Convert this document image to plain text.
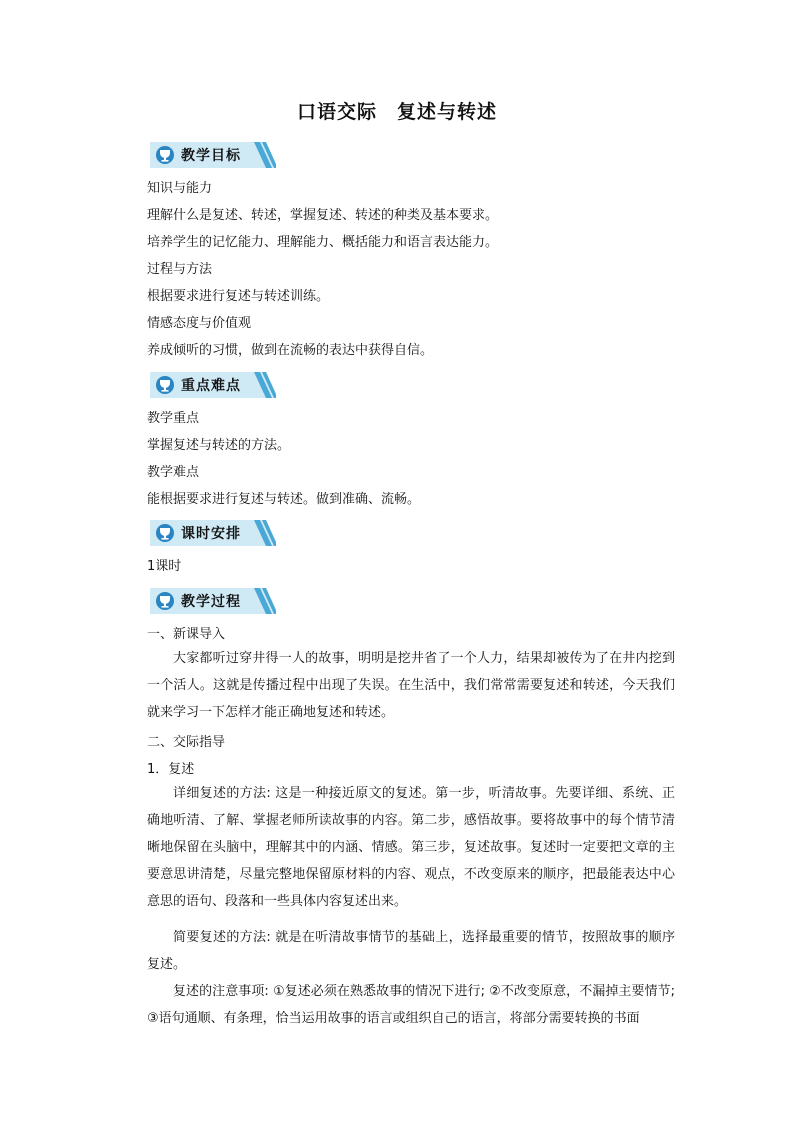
口语交际　复述与转述
教学目标
知识与能力
理解什么是复述、转述，掌握复述、转述的种类及基本要求。
培养学生的记忆能力、理解能力、概括能力和语言表达能力。
过程与方法
根据要求进行复述与转述训练。
情感态度与价值观
养成倾听的习惯，做到在流畅的表达中获得自信。
重点难点
教学重点
掌握复述与转述的方法。
教学难点
能根据要求进行复述与转述。做到准确、流畅。
课时安排
1课时
教学过程
一、新课导入
大家都听过穿井得一人的故事，明明是挖井省了一个人力，结果却被传为了在井内挖到一个活人。这就是传播过程中出现了失误。在生活中，我们常常需要复述和转述，今天我们就来学习一下怎样才能正确地复述和转述。
二、交际指导
1．复述
详细复述的方法: 这是一种接近原文的复述。第一步，听清故事。先要详细、系统、正确地听清、了解、掌握老师所读故事的内容。第二步，感悟故事。要将故事中的每个情节清晰地保留在头脑中，理解其中的内涵、情感。第三步，复述故事。复述时一定要把文章的主要意思讲清楚，尽量完整地保留原材料的内容、观点，不改变原来的顺序，把最能表达中心意思的语句、段落和一些具体内容复述出来。
简要复述的方法: 就是在听清故事情节的基础上，选择最重要的情节，按照故事的顺序复述。
复述的注意事项: ①复述必须在熟悉故事的情况下进行; ②不改变原意，不漏掉主要情节; ③语句通顺、有条理，恰当运用故事的语言或组织自己的语言，将部分需要转换的书面
